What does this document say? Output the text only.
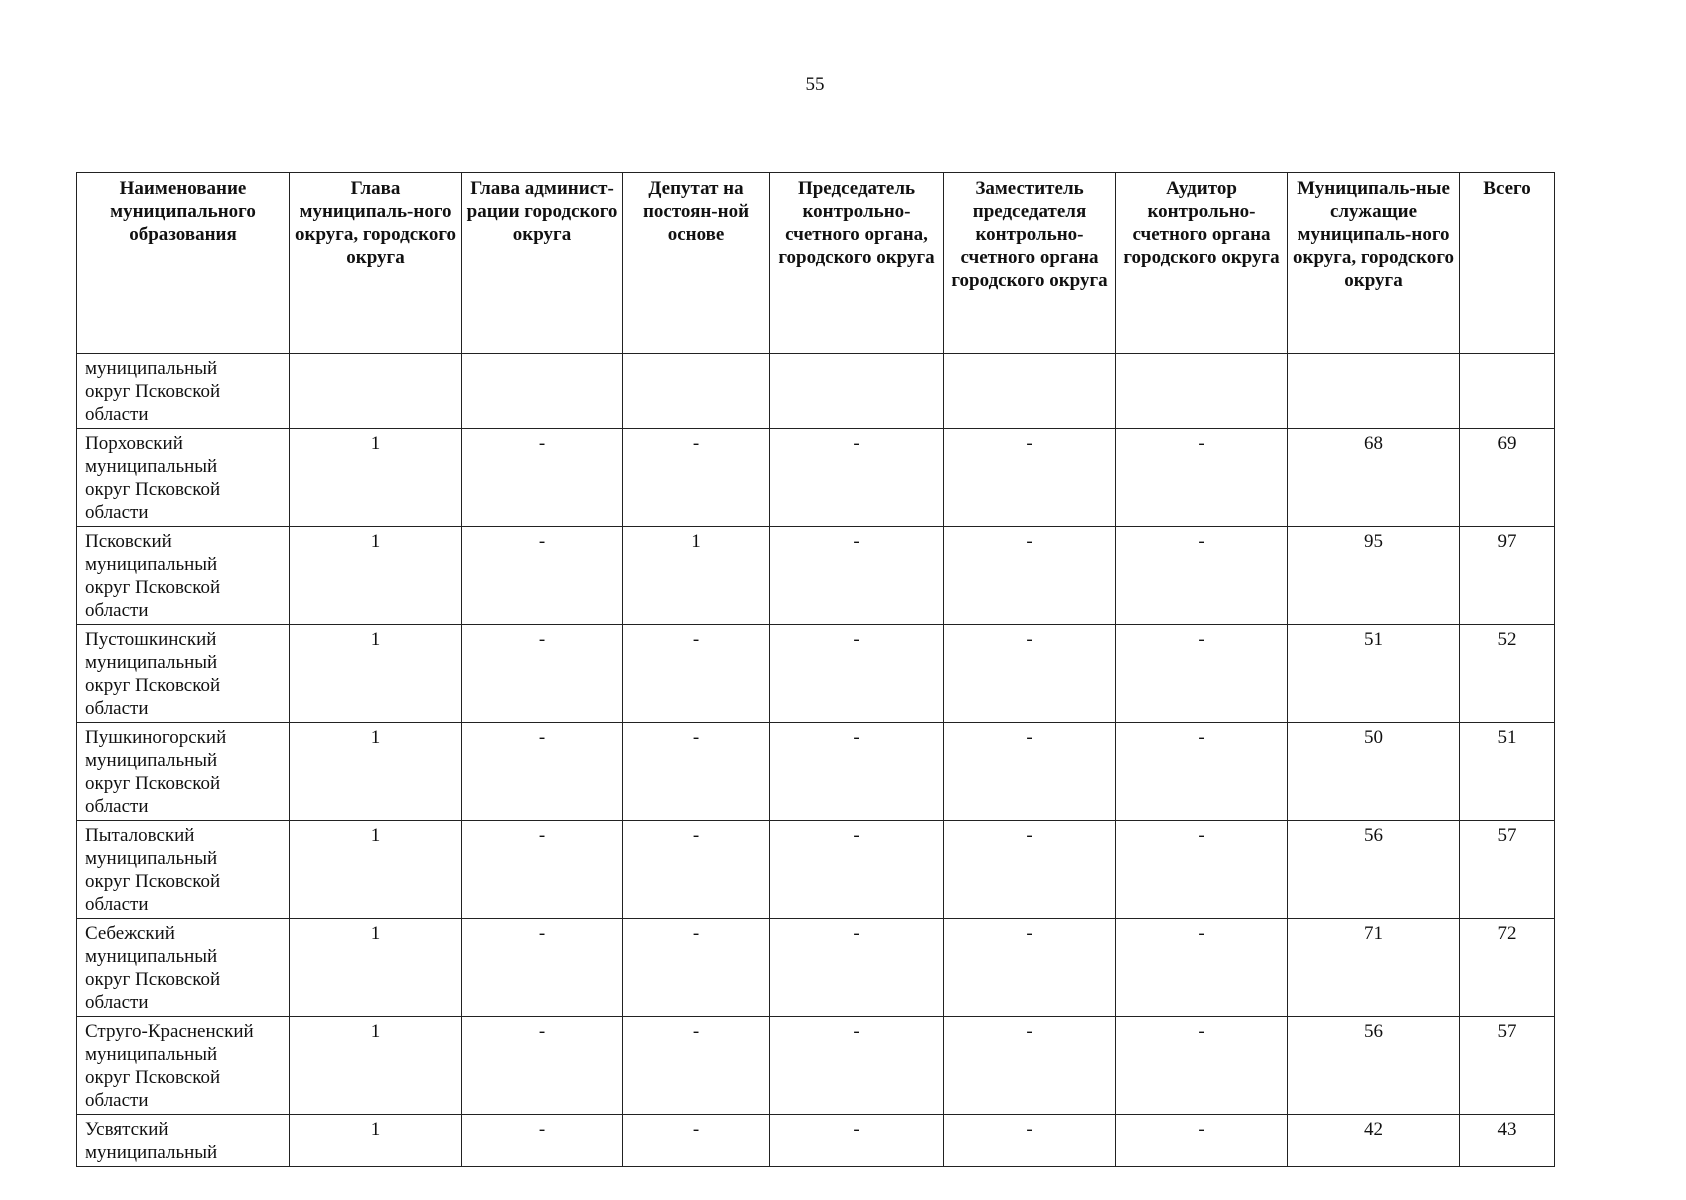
55
Наименование муниципального образования	Глава муниципаль-ного округа, городского округа	Глава админист-рации городского округа	Депутат на постоян-ной основе	Председатель контрольно-счетного органа, городского округа	Заместитель председателя контрольно-счетного органа городского округа	Аудитор контрольно-счетного органа городского округа	Муниципаль-ные служащие муниципаль-ного округа, городского округа	Всего

муниципальный
округ Псковской
области								

Порховский
муниципальный
округ Псковской
области	1	-	-	-	-	-	68	69

Псковский
муниципальный
округ Псковской
области	1	-	1	-	-	-	95	97

Пустошкинский
муниципальный
округ Псковской
области	1	-	-	-	-	-	51	52

Пушкиногорский
муниципальный
округ Псковской
области	1	-	-	-	-	-	50	51

Пыталовский
муниципальный
округ Псковской
области	1	-	-	-	-	-	56	57

Себежский
муниципальный
округ Псковской
области	1	-	-	-	-	-	71	72

Струго-Красненский
муниципальный
округ Псковской
области	1	-	-	-	-	-	56	57

Усвятский
муниципальный	1	-	-	-	-	-	42	43
